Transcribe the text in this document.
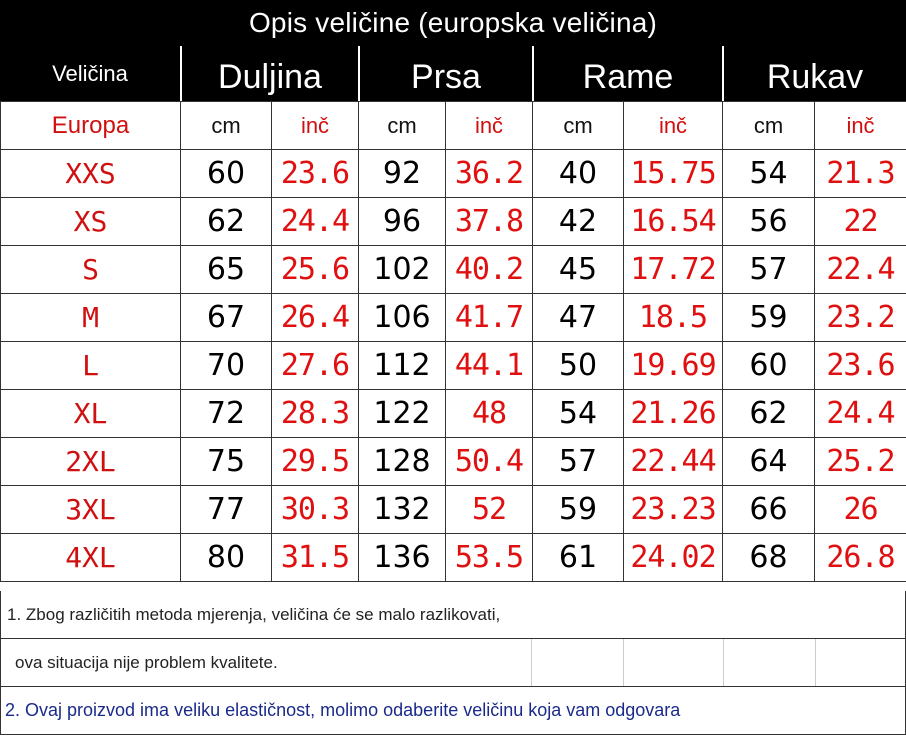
Opis veličine (europska veličina)
Veličina	Duljina	Prsa	Rame	Rukav
Europa	cm	inč	cm	inč	cm	inč	cm	inč
XXS	60	23.6	92	36.2	40	15.75	54	21.3
XS	62	24.4	96	37.8	42	16.54	56	22
S	65	25.6	102	40.2	45	17.72	57	22.4
M	67	26.4	106	41.7	47	18.5	59	23.2
L	70	27.6	112	44.1	50	19.69	60	23.6
XL	72	28.3	122	48	54	21.26	62	24.4
2XL	75	29.5	128	50.4	57	22.44	64	25.2
3XL	77	30.3	132	52	59	23.23	66	26
4XL	80	31.5	136	53.5	61	24.02	68	26.8
1. Zbog različitih metoda mjerenja, veličina će se malo razlikovati,
ova situacija nije problem kvalitete.
2. Ovaj proizvod ima veliku elastičnost, molimo odaberite veličinu koja vam odgovara
